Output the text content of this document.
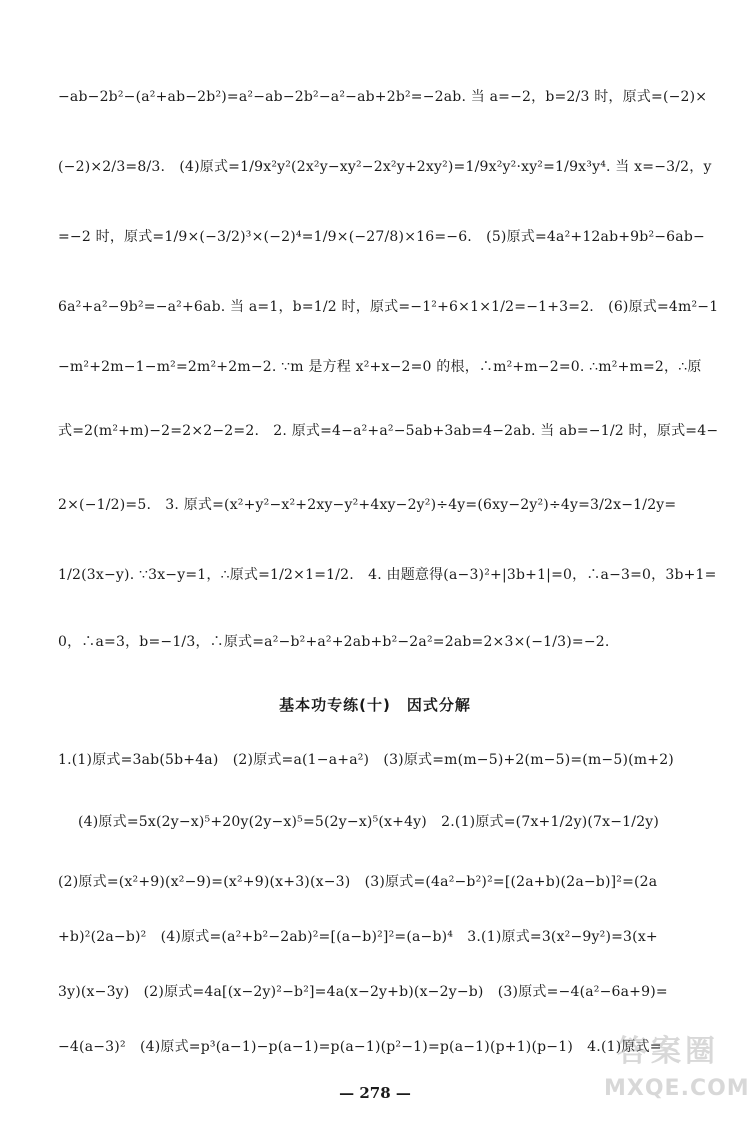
−ab−2b²−(a²+ab−2b²)=a²−ab−2b²−a²−ab+2b²=−2ab. 当 a=−2，b=2/3 时，原式=(−2)×
(−2)×2/3=8/3.　(4)原式=1/9x²y²(2x²y−xy²−2x²y+2xy²)=1/9x²y²·xy²=1/9x³y⁴. 当 x=−3/2，y
=−2 时，原式=1/9×(−3/2)³×(−2)⁴=1/9×(−27/8)×16=−6.　(5)原式=4a²+12ab+9b²−6ab−
6a²+a²−9b²=−a²+6ab. 当 a=1，b=1/2 时，原式=−1²+6×1×1/2=−1+3=2.　(6)原式=4m²−1
−m²+2m−1−m²=2m²+2m−2. ∵m 是方程 x²+x−2=0 的根，∴m²+m−2=0. ∴m²+m=2，∴原
式=2(m²+m)−2=2×2−2=2.　2. 原式=4−a²+a²−5ab+3ab=4−2ab. 当 ab=−1/2 时，原式=4−
2×(−1/2)=5.　3. 原式=(x²+y²−x²+2xy−y²+4xy−2y²)÷4y=(6xy−2y²)÷4y=3/2x−1/2y=
1/2(3x−y). ∵3x−y=1，∴原式=1/2×1=1/2.　4. 由题意得(a−3)²+|3b+1|=0，∴a−3=0，3b+1=
0，∴a=3，b=−1/3，∴原式=a²−b²+a²+2ab+b²−2a²=2ab=2×3×(−1/3)=−2.
基本功专练(十)　因式分解
1.(1)原式=3ab(5b+4a)　(2)原式=a(1−a+a²)　(3)原式=m(m−5)+2(m−5)=(m−5)(m+2)
(4)原式=5x(2y−x)⁵+20y(2y−x)⁵=5(2y−x)⁵(x+4y)　2.(1)原式=(7x+1/2y)(7x−1/2y)
(2)原式=(x²+9)(x²−9)=(x²+9)(x+3)(x−3)　(3)原式=(4a²−b²)²=[(2a+b)(2a−b)]²=(2a
+b)²(2a−b)²　(4)原式=(a²+b²−2ab)²=[(a−b)²]²=(a−b)⁴　3.(1)原式=3(x²−9y²)=3(x+
3y)(x−3y)　(2)原式=4a[(x−2y)²−b²]=4a(x−2y+b)(x−2y−b)　(3)原式=−4(a²−6a+9)=
−4(a−3)²　(4)原式=p³(a−1)−p(a−1)=p(a−1)(p²−1)=p(a−1)(p+1)(p−1)　4.(1)原式=
— 278 —
答案圈
MXQE.COM
